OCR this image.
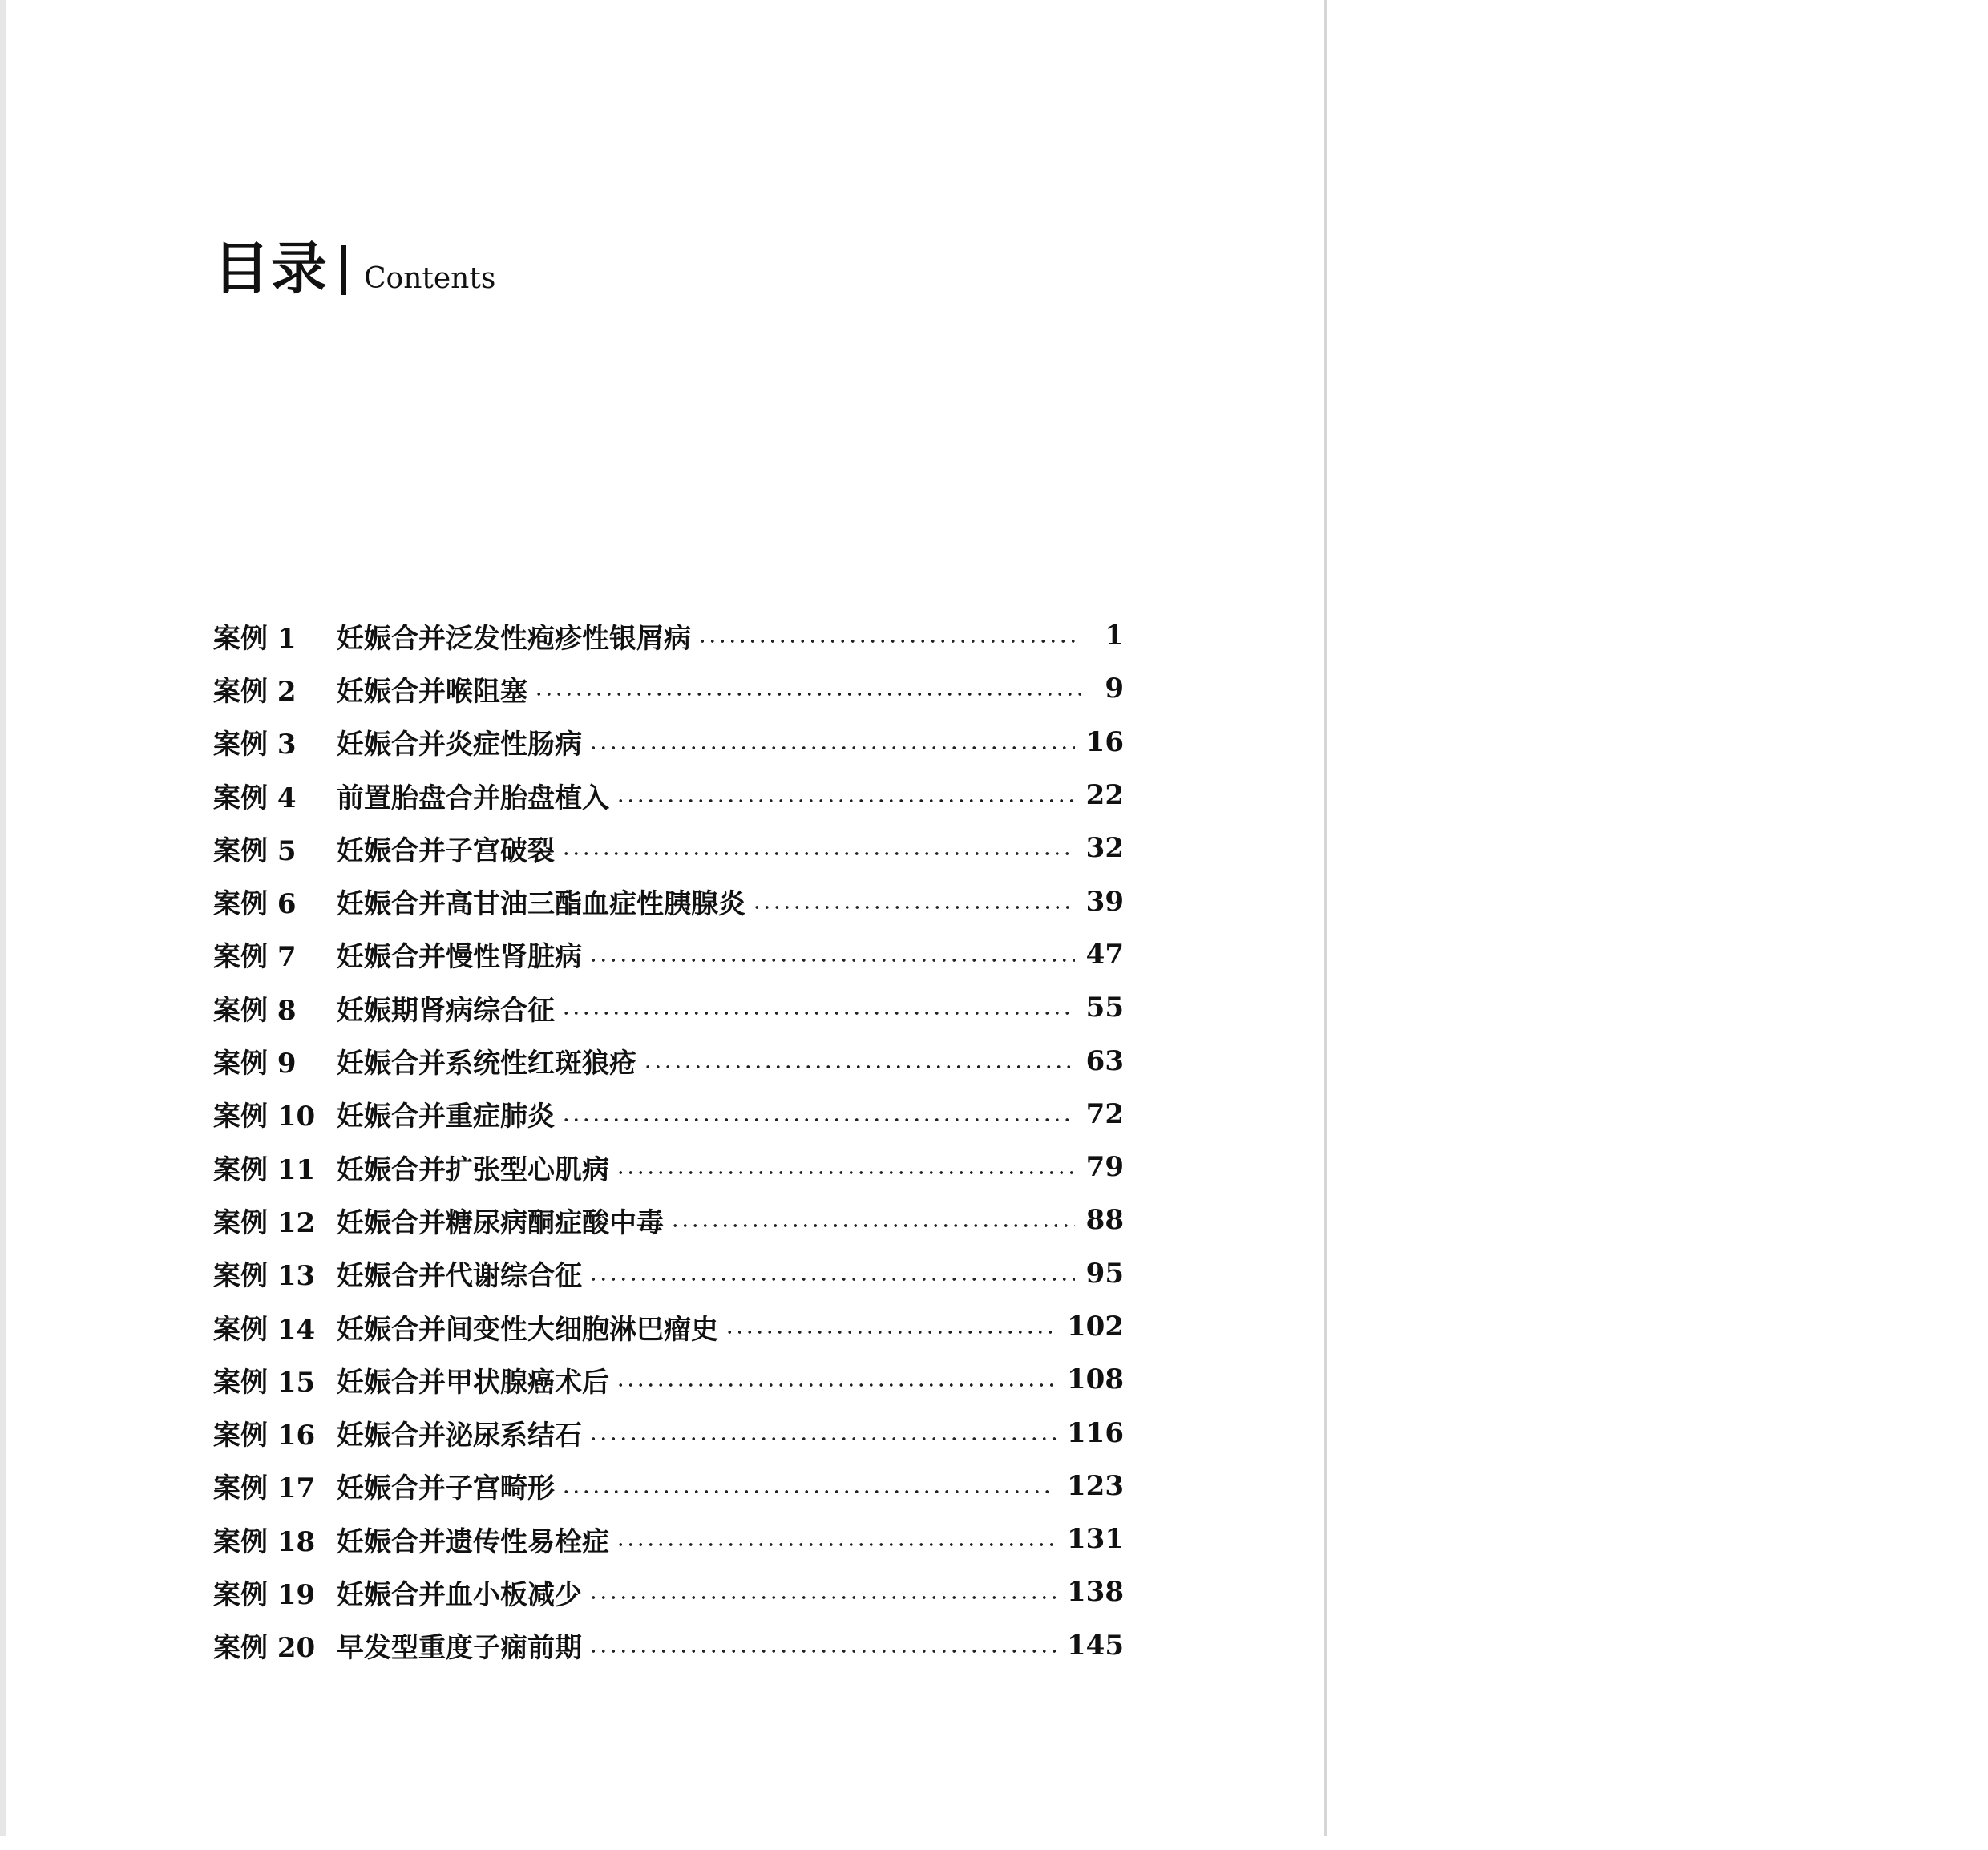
目录 Contents
案例 1	妊娠合并泛发性疱疹性银屑病	1
案例 2	妊娠合并喉阻塞	9
案例 3	妊娠合并炎症性肠病	16
案例 4	前置胎盘合并胎盘植入	22
案例 5	妊娠合并子宫破裂	32
案例 6	妊娠合并高甘油三酯血症性胰腺炎	39
案例 7	妊娠合并慢性肾脏病	47
案例 8	妊娠期肾病综合征	55
案例 9	妊娠合并系统性红斑狼疮	63
案例 10 妊娠合并重症肺炎	72
案例 11 妊娠合并扩张型心肌病	79
案例 12 妊娠合并糖尿病酮症酸中毒	88
案例 13 妊娠合并代谢综合征	95
案例 14 妊娠合并间变性大细胞淋巴瘤史	102
案例 15 妊娠合并甲状腺癌术后	108
案例 16 妊娠合并泌尿系结石	116
案例 17 妊娠合并子宫畸形	123
案例 18 妊娠合并遗传性易栓症	131
案例 19 妊娠合并血小板减少	138
案例 20 早发型重度子痫前期	145
